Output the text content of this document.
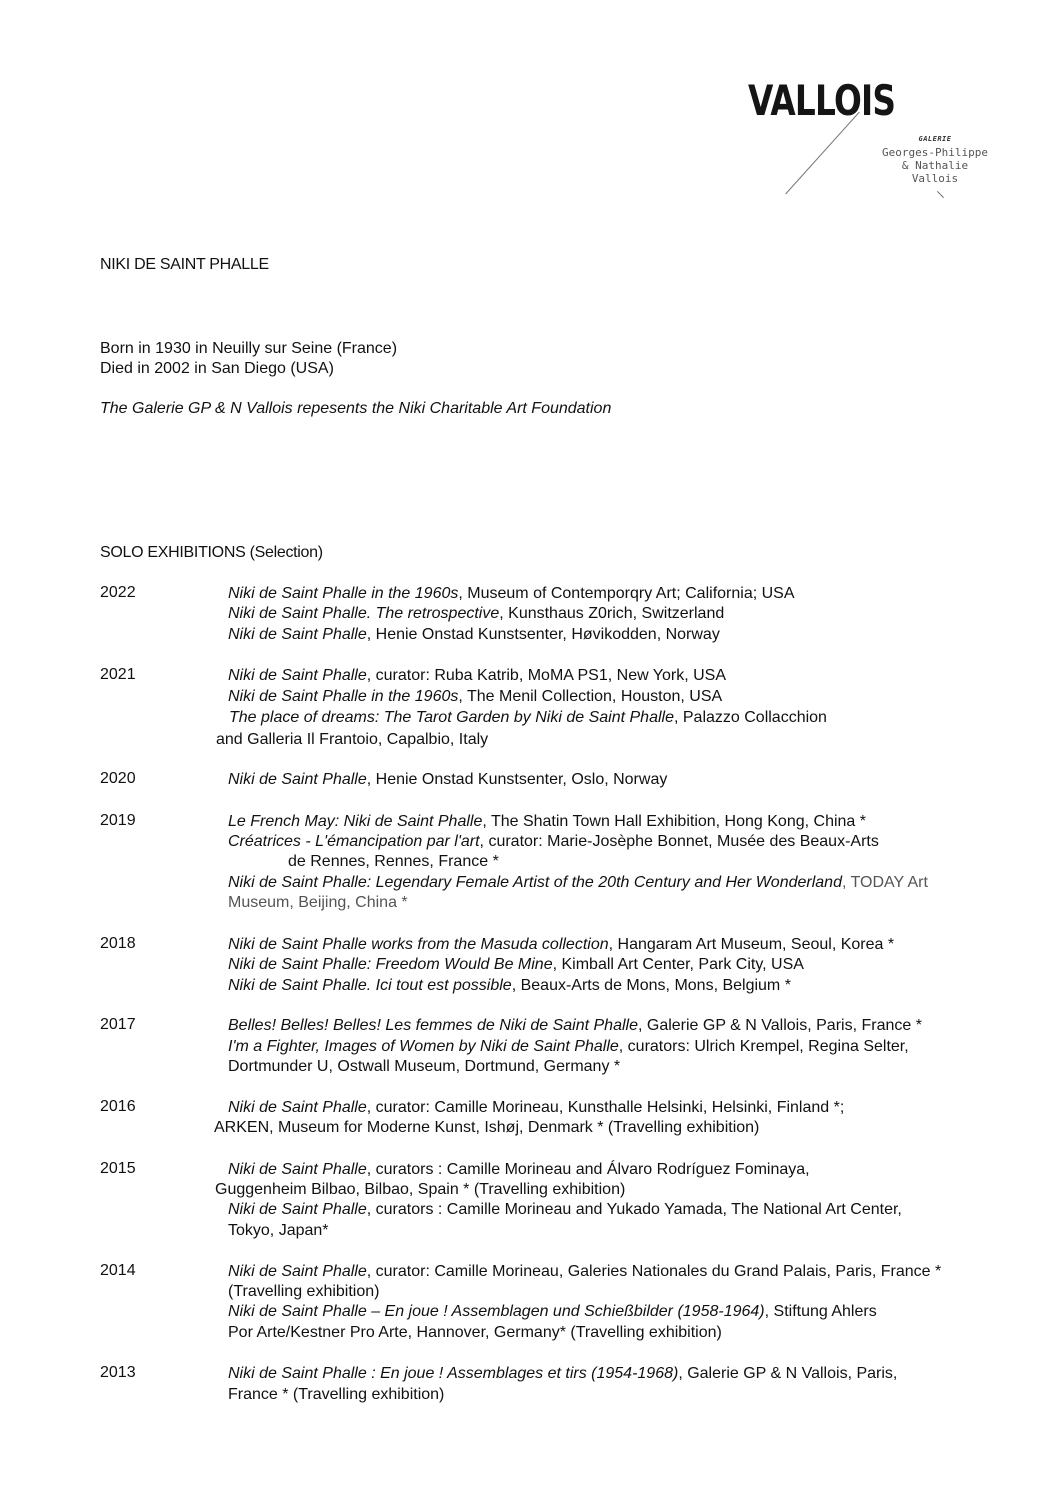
VALLOIS
GALERIE
Georges-Philippe
& Nathalie
Vallois
NIKI DE SAINT PHALLE
Born in 1930 in Neuilly sur Seine (France)
Died in 2002 in San Diego (USA)
The Galerie GP & N Vallois repesents the Niki Charitable Art Foundation
SOLO EXHIBITIONS (Selection)
2022	Niki de Saint Phalle in the 1960s, Museum of Contemporqry Art; California; USA
Niki de Saint Phalle. The retrospective, Kunsthaus Z0rich, Switzerland
Niki de Saint Phalle, Henie Onstad Kunstsenter, Høvikodden, Norway
2021	Niki de Saint Phalle, curator: Ruba Katrib, MoMA PS1, New York, USA
Niki de Saint Phalle in the 1960s, The Menil Collection, Houston, USA
The place of dreams: The Tarot Garden by Niki de Saint Phalle, Palazzo Collacchion
and Galleria Il Frantoio, Capalbio, Italy
2020	Niki de Saint Phalle, Henie Onstad Kunstsenter, Oslo, Norway
2019	Le French May: Niki de Saint Phalle, The Shatin Town Hall Exhibition, Hong Kong, China *
Créatrices - L'émancipation par l'art, curator: Marie-Josèphe Bonnet, Musée des Beaux-Arts
de Rennes, Rennes, France *
Niki de Saint Phalle: Legendary Female Artist of the 20th Century and Her Wonderland, TODAY Art
Museum, Beijing, China *
2018	Niki de Saint Phalle works from the Masuda collection, Hangaram Art Museum, Seoul, Korea *
Niki de Saint Phalle: Freedom Would Be Mine, Kimball Art Center, Park City, USA
Niki de Saint Phalle. Ici tout est possible, Beaux-Arts de Mons, Mons, Belgium *
2017	Belles! Belles! Belles! Les femmes de Niki de Saint Phalle, Galerie GP & N Vallois, Paris, France *
I'm a Fighter, Images of Women by Niki de Saint Phalle, curators: Ulrich Krempel, Regina Selter,
Dortmunder U, Ostwall Museum, Dortmund, Germany *
2016	Niki de Saint Phalle, curator: Camille Morineau, Kunsthalle Helsinki, Helsinki, Finland *;
ARKEN, Museum for Moderne Kunst, Ishøj, Denmark * (Travelling exhibition)
2015	Niki de Saint Phalle, curators : Camille Morineau and Álvaro Rodríguez Fominaya,
Guggenheim Bilbao, Bilbao, Spain * (Travelling exhibition)
Niki de Saint Phalle, curators : Camille Morineau and Yukado Yamada, The National Art Center,
Tokyo, Japan*
2014	Niki de Saint Phalle, curator: Camille Morineau, Galeries Nationales du Grand Palais, Paris, France *
(Travelling exhibition)
Niki de Saint Phalle – En joue ! Assemblagen und Schießbilder (1958-1964), Stiftung Ahlers
Por Arte/Kestner Pro Arte, Hannover, Germany* (Travelling exhibition)
2013	Niki de Saint Phalle : En joue ! Assemblages et tirs (1954-1968), Galerie GP & N Vallois, Paris,
France * (Travelling exhibition)
